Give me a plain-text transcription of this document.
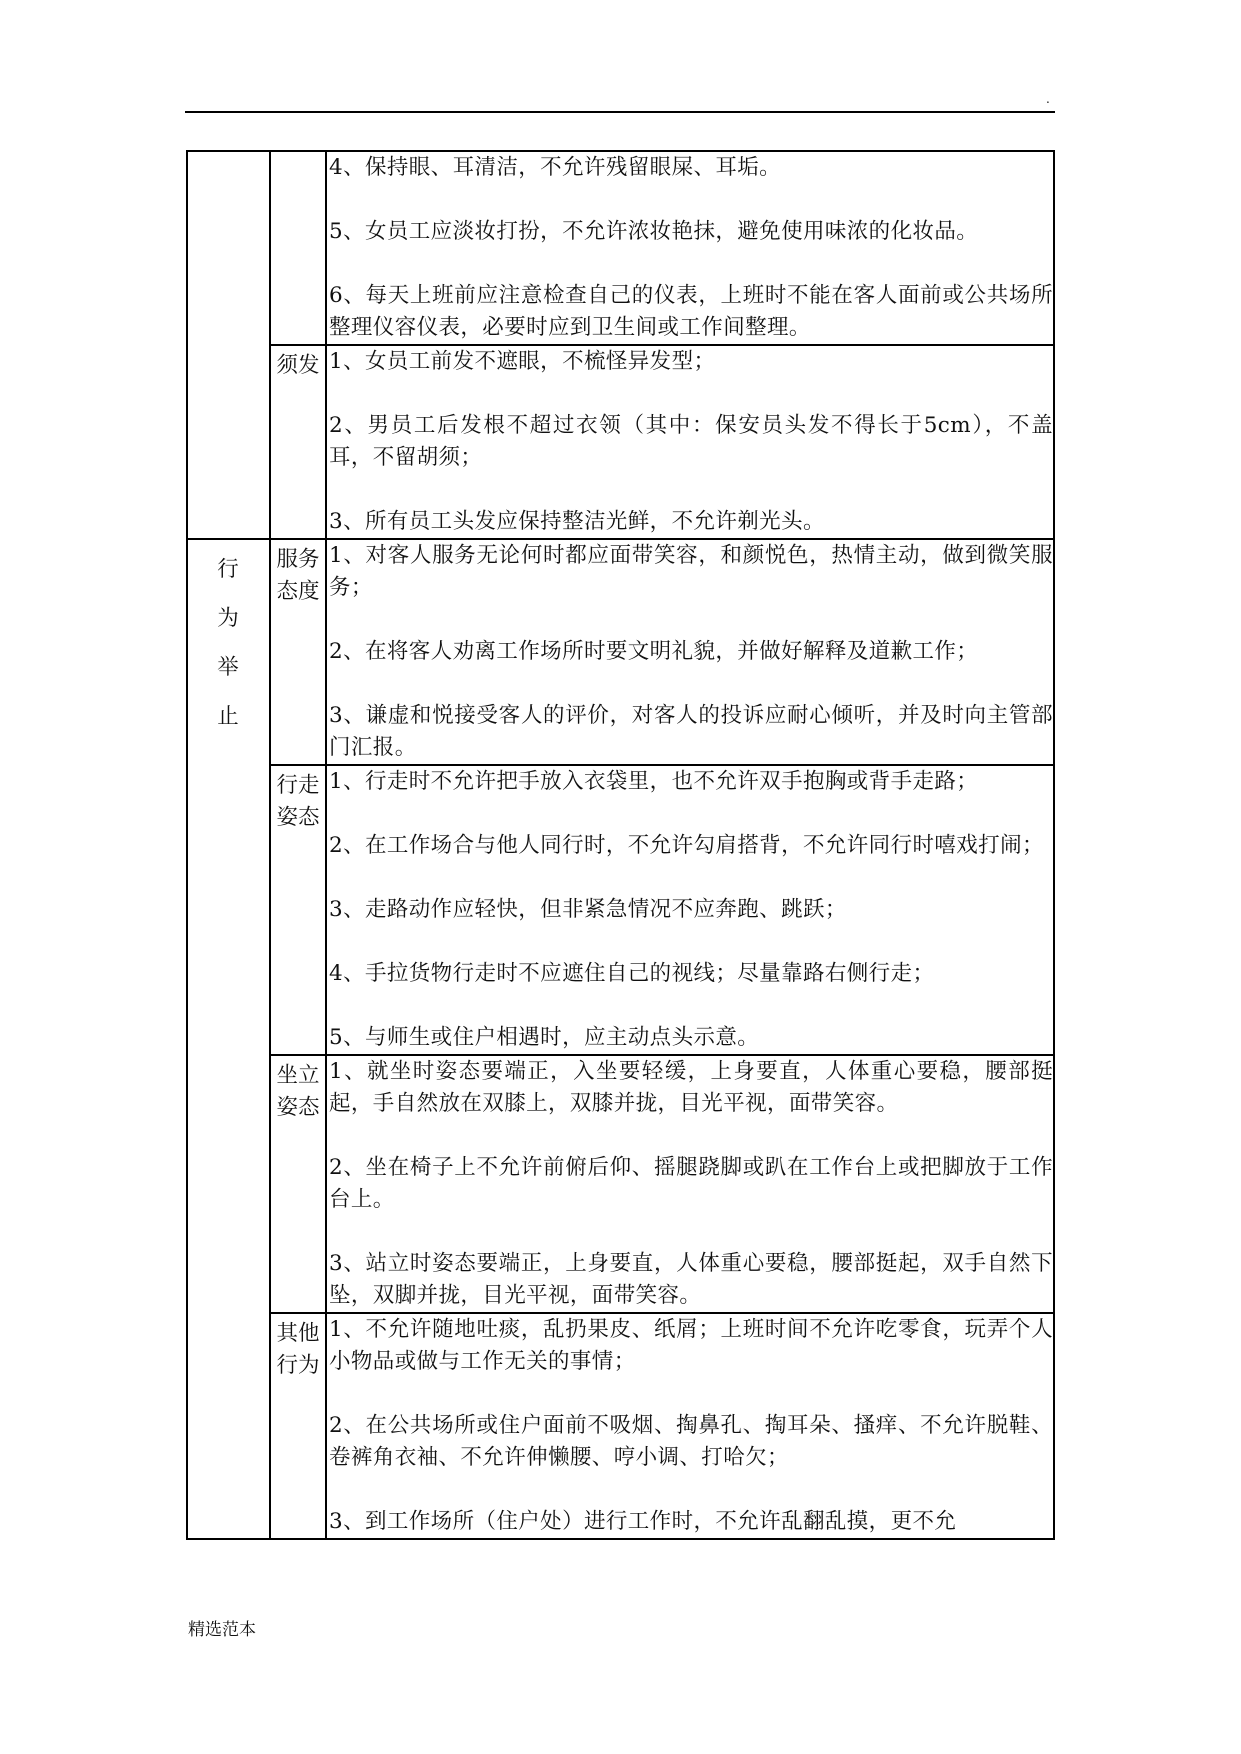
.

		4、保持眼、耳清洁，不允许残留眼屎、耳垢。

5、女员工应淡妆打扮，不允许浓妆艳抹，避免使用味浓的化妆品。

6、每天上班前应注意检查自己的仪表，上班时不能在客人面前或公共场所整理仪容仪表，必要时应到卫生间或工作间整理。

	须发	1、女员工前发不遮眼，不梳怪异发型；

2、男员工后发根不超过衣领（其中：保安员头发不得长于5cm），不盖耳，不留胡须；

3、所有员工头发应保持整洁光鲜，不允许剃光头。

行为举止	服务态度	1、对客人服务无论何时都应面带笑容，和颜悦色，热情主动，做到微笑服务；

2、在将客人劝离工作场所时要文明礼貌，并做好解释及道歉工作；

3、谦虚和悦接受客人的评价，对客人的投诉应耐心倾听，并及时向主管部门汇报。

	行走姿态	1、行走时不允许把手放入衣袋里，也不允许双手抱胸或背手走路；

2、在工作场合与他人同行时，不允许勾肩搭背，不允许同行时嘻戏打闹；

3、走路动作应轻快，但非紧急情况不应奔跑、跳跃；

4、手拉货物行走时不应遮住自己的视线；尽量靠路右侧行走；

5、与师生或住户相遇时，应主动点头示意。

	坐立姿态	1、就坐时姿态要端正，入坐要轻缓，上身要直，人体重心要稳，腰部挺起，手自然放在双膝上，双膝并拢，目光平视，面带笑容。

2、坐在椅子上不允许前俯后仰、摇腿跷脚或趴在工作台上或把脚放于工作台上。

3、站立时姿态要端正，上身要直，人体重心要稳，腰部挺起，双手自然下坠，双脚并拢，目光平视，面带笑容。

	其他行为	1、不允许随地吐痰，乱扔果皮、纸屑；上班时间不允许吃零食，玩弄个人小物品或做与工作无关的事情；

2、在公共场所或住户面前不吸烟、掏鼻孔、掏耳朵、搔痒、不允许脱鞋、卷裤角衣袖、不允许伸懒腰、哼小调、打哈欠；

3、到工作场所（住户处）进行工作时，不允许乱翻乱摸，更不允

精选范本
